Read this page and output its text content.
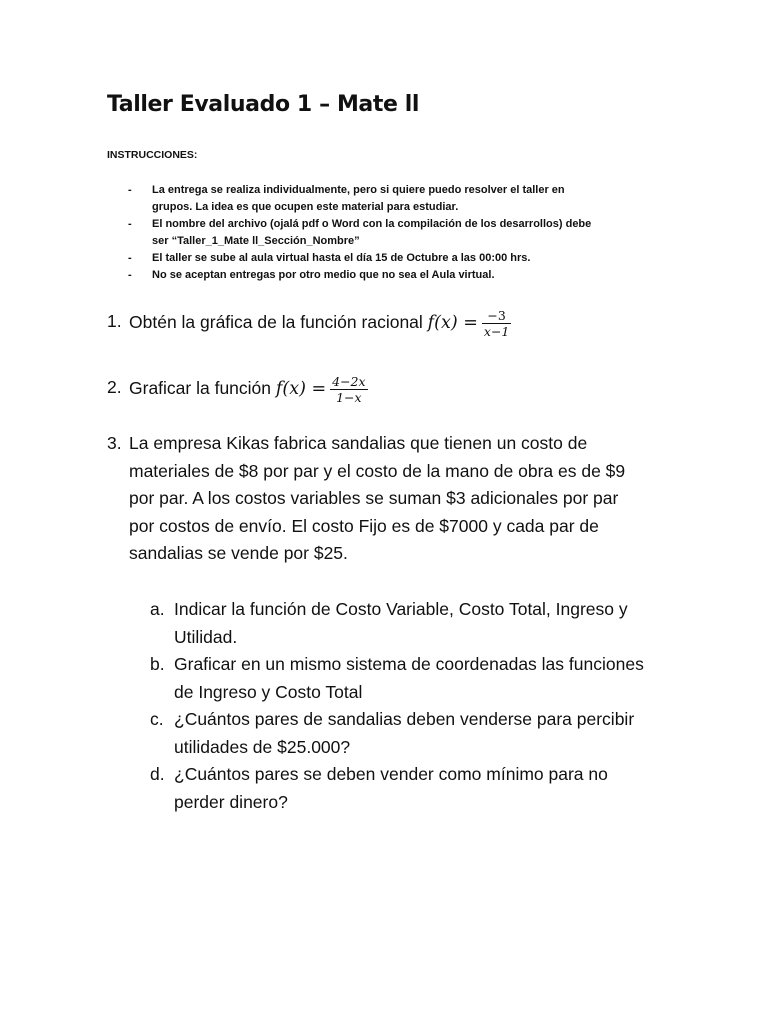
Taller Evaluado 1 – Mate ll

INSTRUCCIONES:

- La entrega se realiza individualmente, pero si quiere puedo resolver el taller en grupos. La idea es que ocupen este material para estudiar.
- El nombre del archivo (ojalá pdf o Word con la compilación de los desarrollos) debe ser “Taller_1_Mate ll_Sección_Nombre”
- El taller se sube al aula virtual hasta el día 15 de Octubre a las 00:00 hrs.
- No se aceptan entregas por otro medio que no sea el Aula virtual.
1. Obtén la gráfica de la función racional $f(x) = \frac{-3}{x-1}$
2. Graficar la función $f(x) = \frac{4-2x}{1-x}$
3. La empresa Kikas fabrica sandalias que tienen un costo de materiales de $8 por par y el costo de la mano de obra es de $9 por par. A los costos variables se suman $3 adicionales por par por costos de envío. El costo Fijo es de $7000 y cada par de sandalias se vende por $25.
a. Indicar la función de Costo Variable, Costo Total, Ingreso y Utilidad.
b. Graficar en un mismo sistema de coordenadas las funciones de Ingreso y Costo Total
c. ¿Cuántos pares de sandalias deben venderse para percibir utilidades de $25.000?
d. ¿Cuántos pares se deben vender como mínimo para no perder dinero?
